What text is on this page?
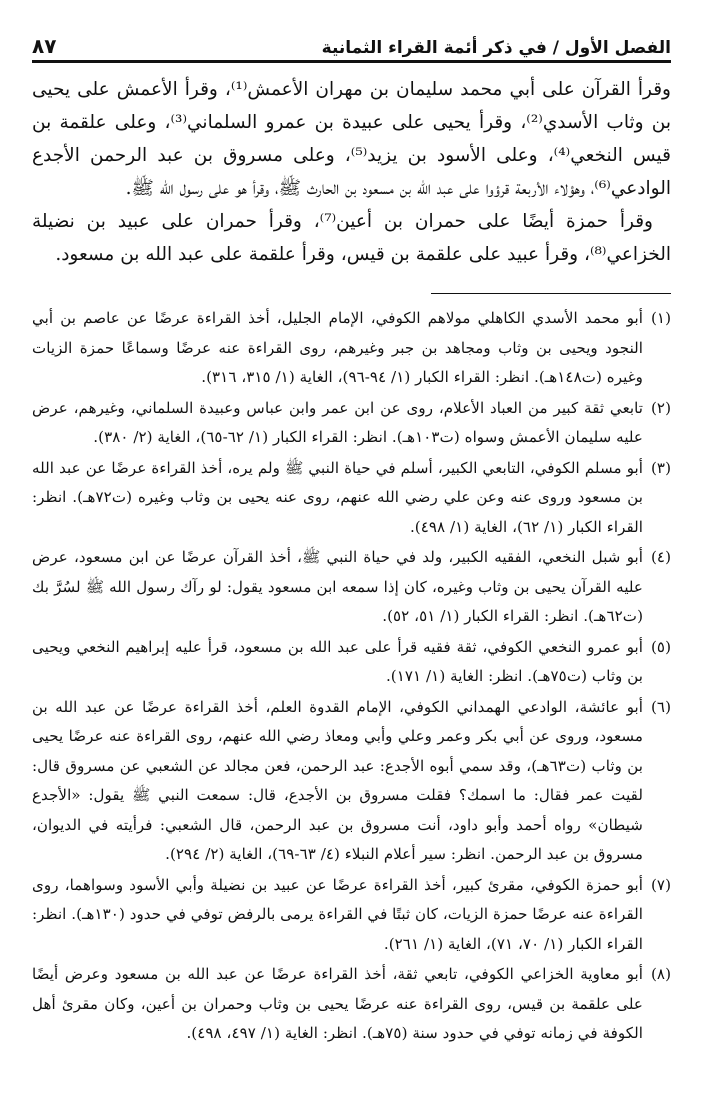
الفصل الأول / في ذكر أئمة القراء الثمانية
٨٧

وقرأ القرآن على أبي محمد سليمان بن مهران الأعمش⁽¹⁾، وقرأ الأعمش على يحيى بن وثاب الأسدي⁽²⁾، وقرأ يحيى على عبيدة بن عمرو السلماني⁽³⁾، وعلى علقمة بن قيس النخعي⁽⁴⁾، وعلى الأسود بن يزيد⁽⁵⁾، وعلى مسروق بن عبد الرحمن الأجدع الوادعي⁽⁶⁾، وهؤلاء الأربعة قرؤوا على عبد الله بن مسعود بن الحارث ﷺ، وقرأ هو على رسول الله ﷺ.

وقرأ حمزة أيضًا على حمران بن أعين⁽⁷⁾، وقرأ حمران على عبيد بن نضيلة الخزاعي⁽⁸⁾، وقرأ عبيد على علقمة بن قيس، وقرأ علقمة على عبد الله بن مسعود.

(١)
أبو محمد الأسدي الكاهلي مولاهم الكوفي، الإمام الجليل، أخذ القراءة عرضًا عن عاصم بن أبي النجود ويحيى بن وثاب ومجاهد بن جبر وغيرهم، روى القراءة عنه عرضًا وسماعًا حمزة الزيات وغيره (ت١٤٨هـ). انظر: القراء الكبار (١/ ٩٤-٩٦)، الغاية (١/ ٣١٥، ٣١٦).
(٢)
تابعي ثقة كبير من العباد الأعلام، روى عن ابن عمر وابن عباس وعبيدة السلماني، وغيرهم، عرض عليه سليمان الأعمش وسواه (ت١٠٣هـ). انظر: القراء الكبار (١/ ٦٢-٦٥)، الغاية (٢/ ٣٨٠).
(٣)
أبو مسلم الكوفي، التابعي الكبير، أسلم في حياة النبي ﷺ ولم يره، أخذ القراءة عرضًا عن عبد الله بن مسعود وروى عنه وعن علي رضي الله عنهم، روى عنه يحيى بن وثاب وغيره (ت٧٢هـ). انظر: القراء الكبار (١/ ٦٢)، الغاية (١/ ٤٩٨).
(٤)
أبو شبل النخعي، الفقيه الكبير، ولد في حياة النبي ﷺ، أخذ القرآن عرضًا عن ابن مسعود، عرض عليه القرآن يحيى بن وثاب وغيره، كان إذا سمعه ابن مسعود يقول: لو رآك رسول الله ﷺ لسُرَّ بك (ت٦٢هـ). انظر: القراء الكبار (١/ ٥١، ٥٢).
(٥)
أبو عمرو النخعي الكوفي، ثقة فقيه قرأ على عبد الله بن مسعود، قرأ عليه إبراهيم النخعي ويحيى بن وثاب (ت٧٥هـ). انظر: الغاية (١/ ١٧١).
(٦)
أبو عائشة، الوادعي الهمداني الكوفي، الإمام القدوة العلم، أخذ القراءة عرضًا عن عبد الله بن مسعود، وروى عن أبي بكر وعمر وعلي وأبي ومعاذ رضي الله عنهم، روى القراءة عنه عرضًا يحيى بن وثاب (ت٦٣هـ)، وقد سمي أبوه الأجدع: عبد الرحمن، فعن مجالد عن الشعبي عن مسروق قال: لقيت عمر فقال: ما اسمك؟ فقلت مسروق بن الأجدع، قال: سمعت النبي ﷺ يقول: «الأجدع شيطان» رواه أحمد وأبو داود، أنت مسروق بن عبد الرحمن، قال الشعبي: فرأيته في الديوان، مسروق بن عبد الرحمن. انظر: سير أعلام النبلاء (٤/ ٦٣-٦٩)، الغاية (٢/ ٢٩٤).
(٧)
أبو حمزة الكوفي، مقرئ كبير، أخذ القراءة عرضًا عن عبيد بن نضيلة وأبي الأسود وسواهما، روى القراءة عنه عرضًا حمزة الزيات، كان ثبتًا في القراءة يرمى بالرفض توفي في حدود (١٣٠هـ). انظر: القراء الكبار (١/ ٧٠، ٧١)، الغاية (١/ ٢٦١).
(٨)
أبو معاوية الخزاعي الكوفي، تابعي ثقة، أخذ القراءة عرضًا عن عبد الله بن مسعود وعرض أيضًا على علقمة بن قيس، روى القراءة عنه عرضًا يحيى بن وثاب وحمران بن أعين، وكان مقرئ أهل الكوفة في زمانه توفي في حدود سنة (٧٥هـ). انظر: الغاية (١/ ٤٩٧، ٤٩٨).
